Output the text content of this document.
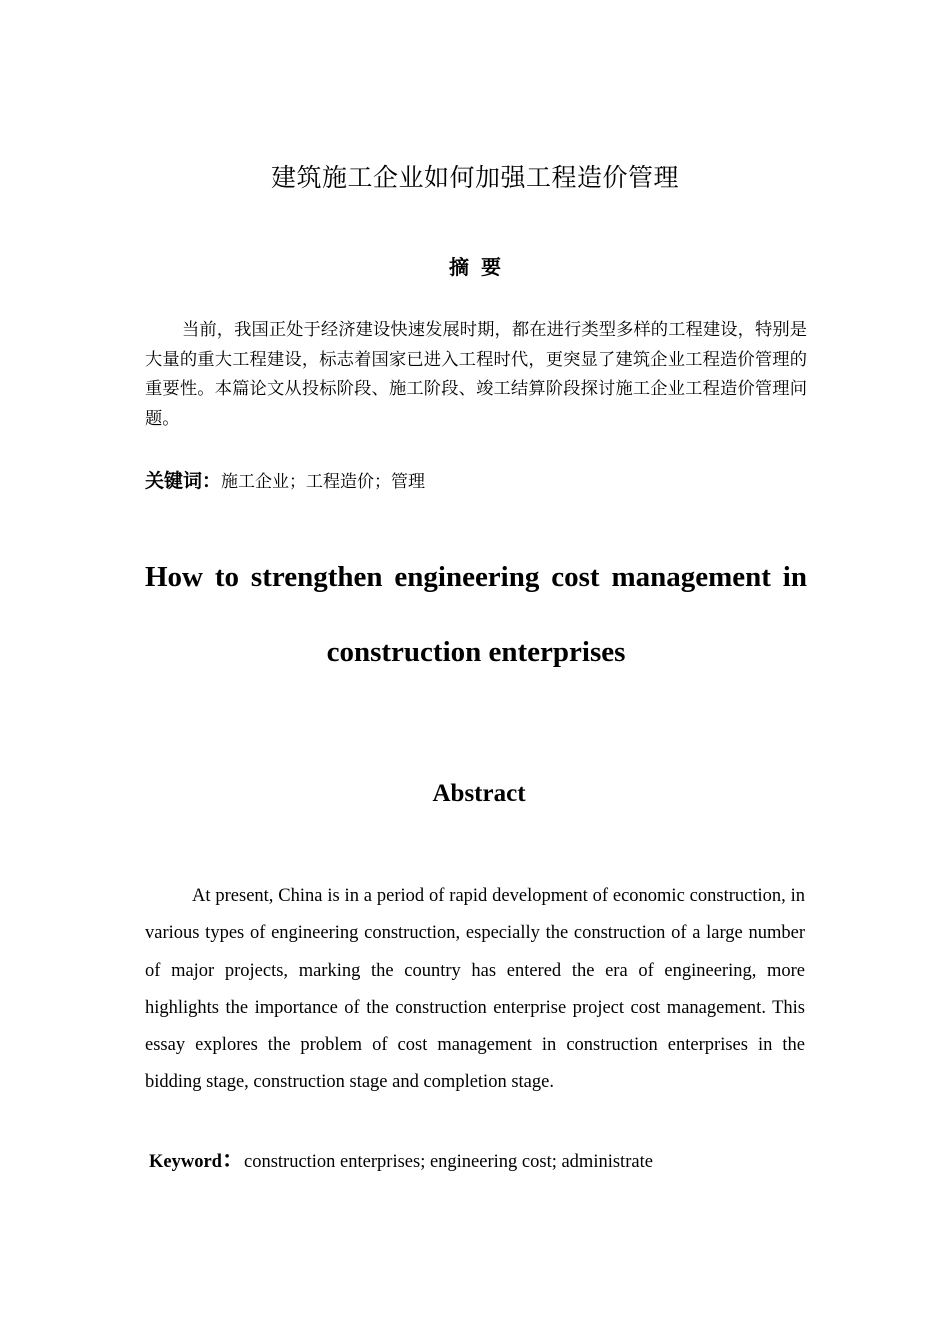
建筑施工企业如何加强工程造价管理
摘要
当前，我国正处于经济建设快速发展时期，都在进行类型多样的工程建设，特别是大量的重大工程建设，标志着国家已进入工程时代，更突显了建筑企业工程造价管理的重要性。本篇论文从投标阶段、施工阶段、竣工结算阶段探讨施工企业工程造价管理问题。
关键词：施工企业；工程造价；管理
How to strengthen engineering cost management in construction enterprises
Abstract
At present, China is in a period of rapid development of economic construction, in various types of engineering construction, especially the construction of a large number of major projects, marking the country has entered the era of engineering, more highlights the importance of the construction enterprise project cost management. This essay explores the problem of cost management in construction enterprises in the bidding stage, construction stage and completion stage.
Keyword：construction enterprises; engineering cost; administrate
